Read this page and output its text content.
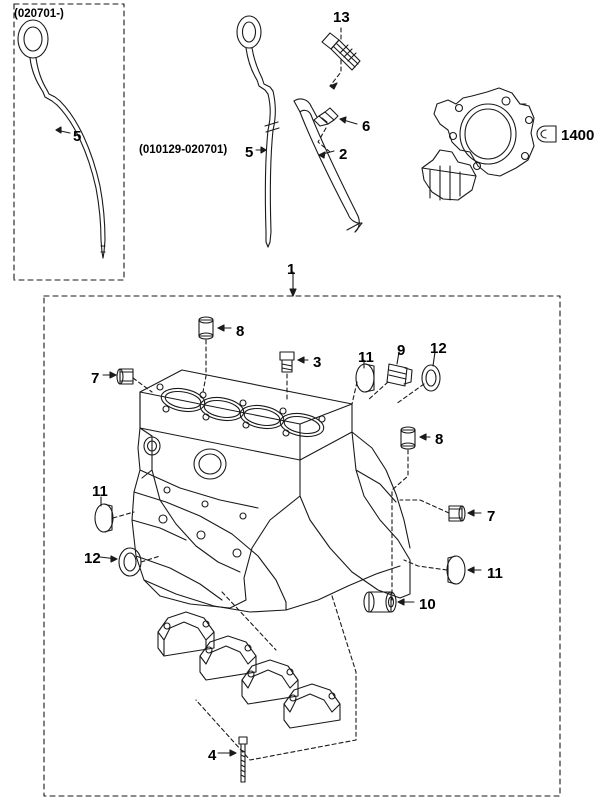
(020701-)
(010129-020701)
5
5
13
6
2
1400
1
8
3 11 9 12
7
8
11
7
12
11
10
4
